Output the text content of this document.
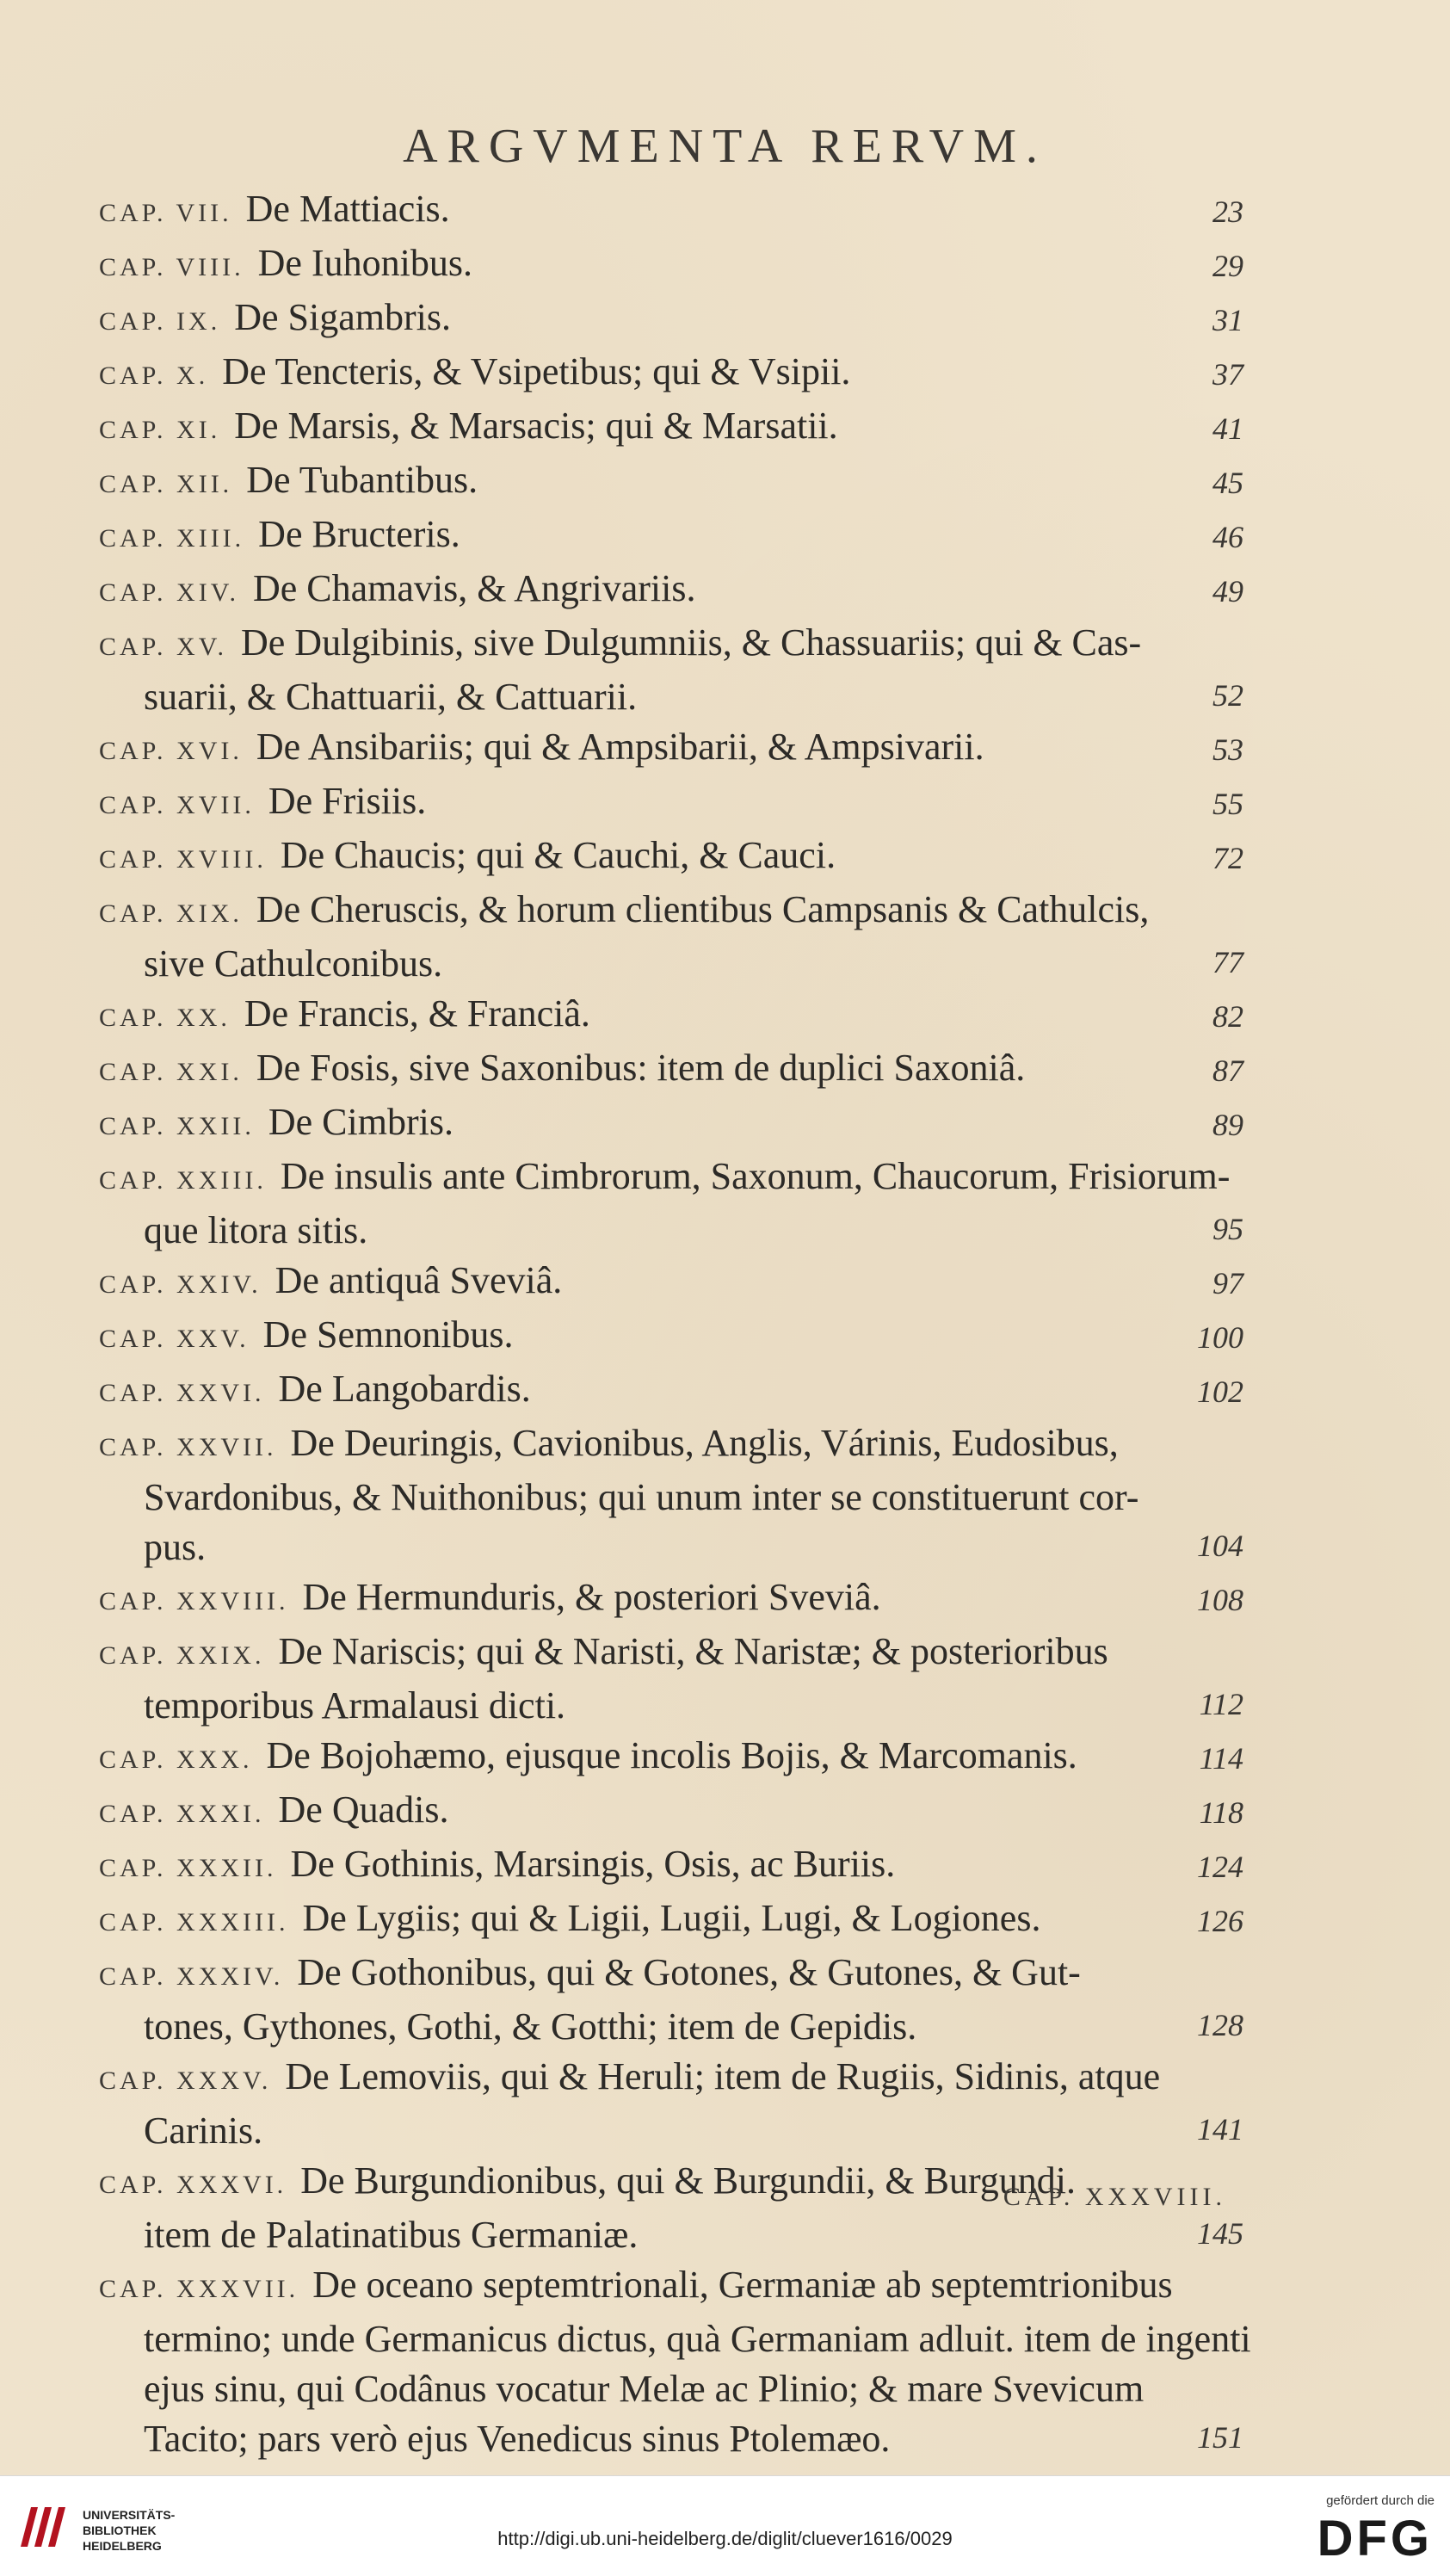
ARGVMENTA RERVM.
CAP. VII. De Mattiacis.	23
CAP. VIII. De Iuhonibus.	29
CAP. IX. De Sigambris.	31
CAP. X. De Tencteris, & Vsipetibus; qui & Vsipii.	37
CAP. XI. De Marsis, & Marsacis; qui & Marsatii.	41
CAP. XII. De Tubantibus.	45
CAP. XIII. De Bructeris.	46
CAP. XIV. De Chamavis, & Angrivariis.	49
CAP. XV. De Dulgibinis, sive Dulgumniis, & Chassuariis; qui & Cas-
suarii, & Chattuarii, & Cattuarii.	52
CAP. XVI. De Ansibariis; qui & Ampsibarii, & Ampsivarii.	53
CAP. XVII. De Frisiis.	55
CAP. XVIII. De Chaucis; qui & Cauchi, & Cauci.	72
CAP. XIX. De Cheruscis, & horum clientibus Campsanis & Cathulcis,
sive Cathulconibus.	77
CAP. XX. De Francis, & Franciâ.	82
CAP. XXI. De Fosis, sive Saxonibus: item de duplici Saxoniâ.	87
CAP. XXII. De Cimbris.	89
CAP. XXIII. De insulis ante Cimbrorum, Saxonum, Chaucorum, Frisiorum-
que litora sitis.	95
CAP. XXIV. De antiquâ Sveviâ.	97
CAP. XXV. De Semnonibus.	100
CAP. XXVI. De Langobardis.	102
CAP. XXVII. De Deuringis, Cavionibus, Anglis, Várinis, Eudosibus,
Svardonibus, & Nuithonibus; qui unum inter se constituerunt cor-
pus.	104
CAP. XXVIII. De Hermunduris, & posteriori Sveviâ.	108
CAP. XXIX. De Nariscis; qui & Naristi, & Naristæ; & posterioribus
temporibus Armalausi dicti.	112
CAP. XXX. De Bojohæmo, ejusque incolis Bojis, & Marcomanis.	114
CAP. XXXI. De Quadis.	118
CAP. XXXII. De Gothinis, Marsingis, Osis, ac Buriis.	124
CAP. XXXIII. De Lygiis; qui & Ligii, Lugii, Lugi, & Logiones.	126
CAP. XXXIV. De Gothonibus, qui & Gotones, & Gutones, & Gut-
tones, Gythones, Gothi, & Gotthi; item de Gepidis.	128
CAP. XXXV. De Lemoviis, qui & Heruli; item de Rugiis, Sidinis, atque
Carinis.	141
CAP. XXXVI. De Burgundionibus, qui & Burgundii, & Burgundi.
item de Palatinatibus Germaniæ.	145
CAP. XXXVII. De oceano septemtrionali, Germaniæ ab septemtrionibus
termino; unde Germanicus dictus, quà Germaniam adluit. item de ingenti
ejus sinu, qui Codânus vocatur Melæ ac Plinio; & mare Svevicum
Tacito; pars verò ejus Venedicus sinus Ptolemæo.	151
CAP. XXXVIII.
UNIVERSITÄTS-
BIBLIOTHEK
HEIDELBERG	http://digi.ub.uni-heidelberg.de/diglit/cluever1616/0029
gefördert durch die
DFG
